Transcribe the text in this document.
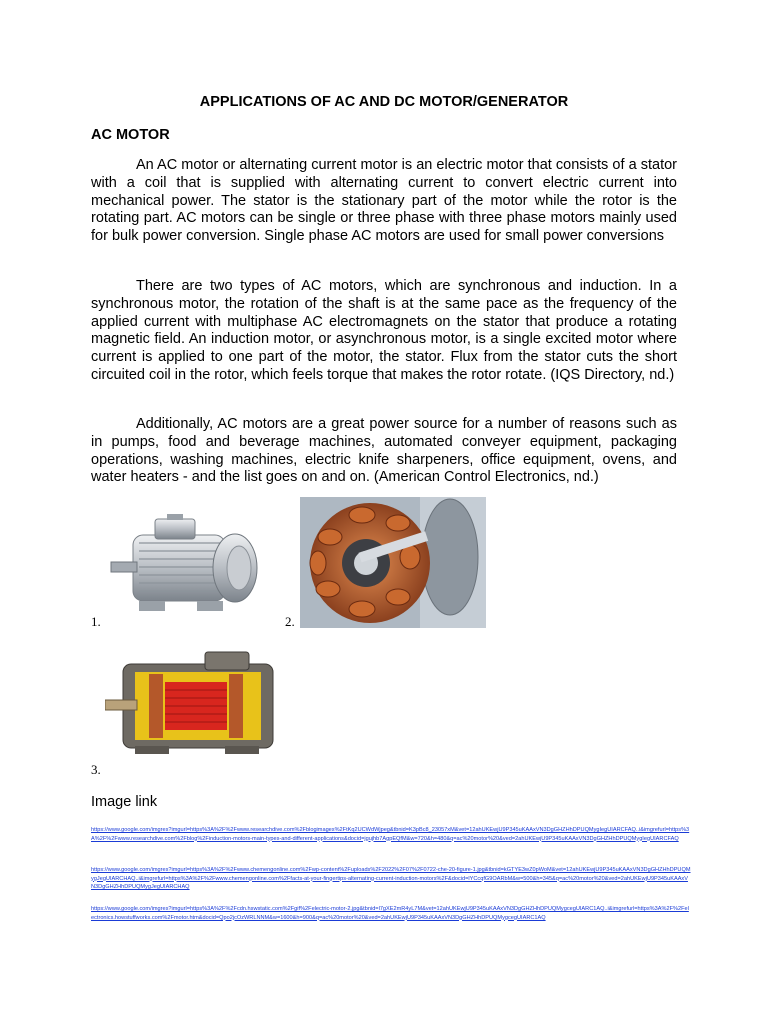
APPLICATIONS OF AC AND DC MOTOR/GENERATOR
AC MOTOR

An AC motor or alternating current motor is an electric motor that consists of a stator with a coil that is supplied with alternating current to convert electric current into mechanical power. The stator is the stationary part of the motor while the rotor is the rotating part. AC motors can be single or three phase with three phase motors mainly used for bulk power conversion. Single phase AC motors are used for small power conversions

There are two types of AC motors, which are synchronous and induction. In a synchronous motor, the rotation of the shaft is at the same pace as the frequency of the applied current with multiphase AC electromagnets on the stator that produce a rotating magnetic field. An induction motor, or asynchronous motor, is a single excited motor where current is applied to one part of the motor, the stator. Flux from the stator cuts the short circuited coil in the rotor, which feels torque that makes the rotor rotate. (IQS Directory, nd.)

Additionally, AC motors are a great power source for a number of reasons such as in pumps, food and beverage machines, automated conveyer equipment, packaging operations, washing machines, electric knife sharpeners, office equipment, ovens, and water heaters - and the list goes on and on. (American Control Electronics, nd.)

1.	2.
3.
Image link
https://www.google.com/imgres?imgurl=https%3A%2F%2Fwww.researchdive.com%2Fblogimages%2FtKq2UCWdWjpeg&tbnid=K3pBc8_23057xM&vet=12ahUKEwjU9P345uKAAxVN3DgGHZHhDPUQMygIegUIARCFAQ..i&imgrefurl=https%3A%2F%2Fwww.researchdive.com%2Fblog%2Finduction-motors-main-types-and-different-applications&docid=jgujhb7AgpEQfM&w=720&h=480&q=ac%20motor%20&ved=2ahUKEwjU9P345uKAAxVN3DgGHZHhDPUQMygIegUIARCFAQ
https://www.google.com/imgres?imgurl=https%3A%2F%2Fwww.chemengonline.com%2Fwp-content%2Fuploads%2F2022%2F07%2F0722-che-20-figure-1.jpg&tbnid=kGTYE3wZ0pWoM&vet=12ahUKEwjU9P345uKAAxVN3DgGHZHhDPUQMygJegUIARCHAQ..i&imgrefurl=https%3A%2F%2Fwww.chemengonline.com%2Ffacts-at-your-fingertips-alternating-current-induction-motors%2F&docid=lYCcqfG9OARbM&w=500&h=345&q=ac%20motor%20&ved=2ahUKEwjU9P345uKAAxVN3DgGHZHhDPUQMygJegUIARCHAQ
https://www.google.com/imgres?imgurl=https%3A%2F%2Fcdn.hswstatic.com%2Fgif%2Felectric-motor-2.jpg&tbnid=l7gXE2mR4yL7M&vet=12ahUKEwjU9P345uKAAxVN3DgGHZHhDPUQMygcegUIARC1AQ..i&imgrefurl=https%3A%2F%2Felectronics.howstuffworks.com%2Fmotor.htm&docid=Qpo2jcOzWRLNNM&w=1600&h=900&q=ac%20motor%20&ved=2ahUKEwjU9P345uKAAxVN3DgGHZHhDPUQMygcegUIARC1AQ
